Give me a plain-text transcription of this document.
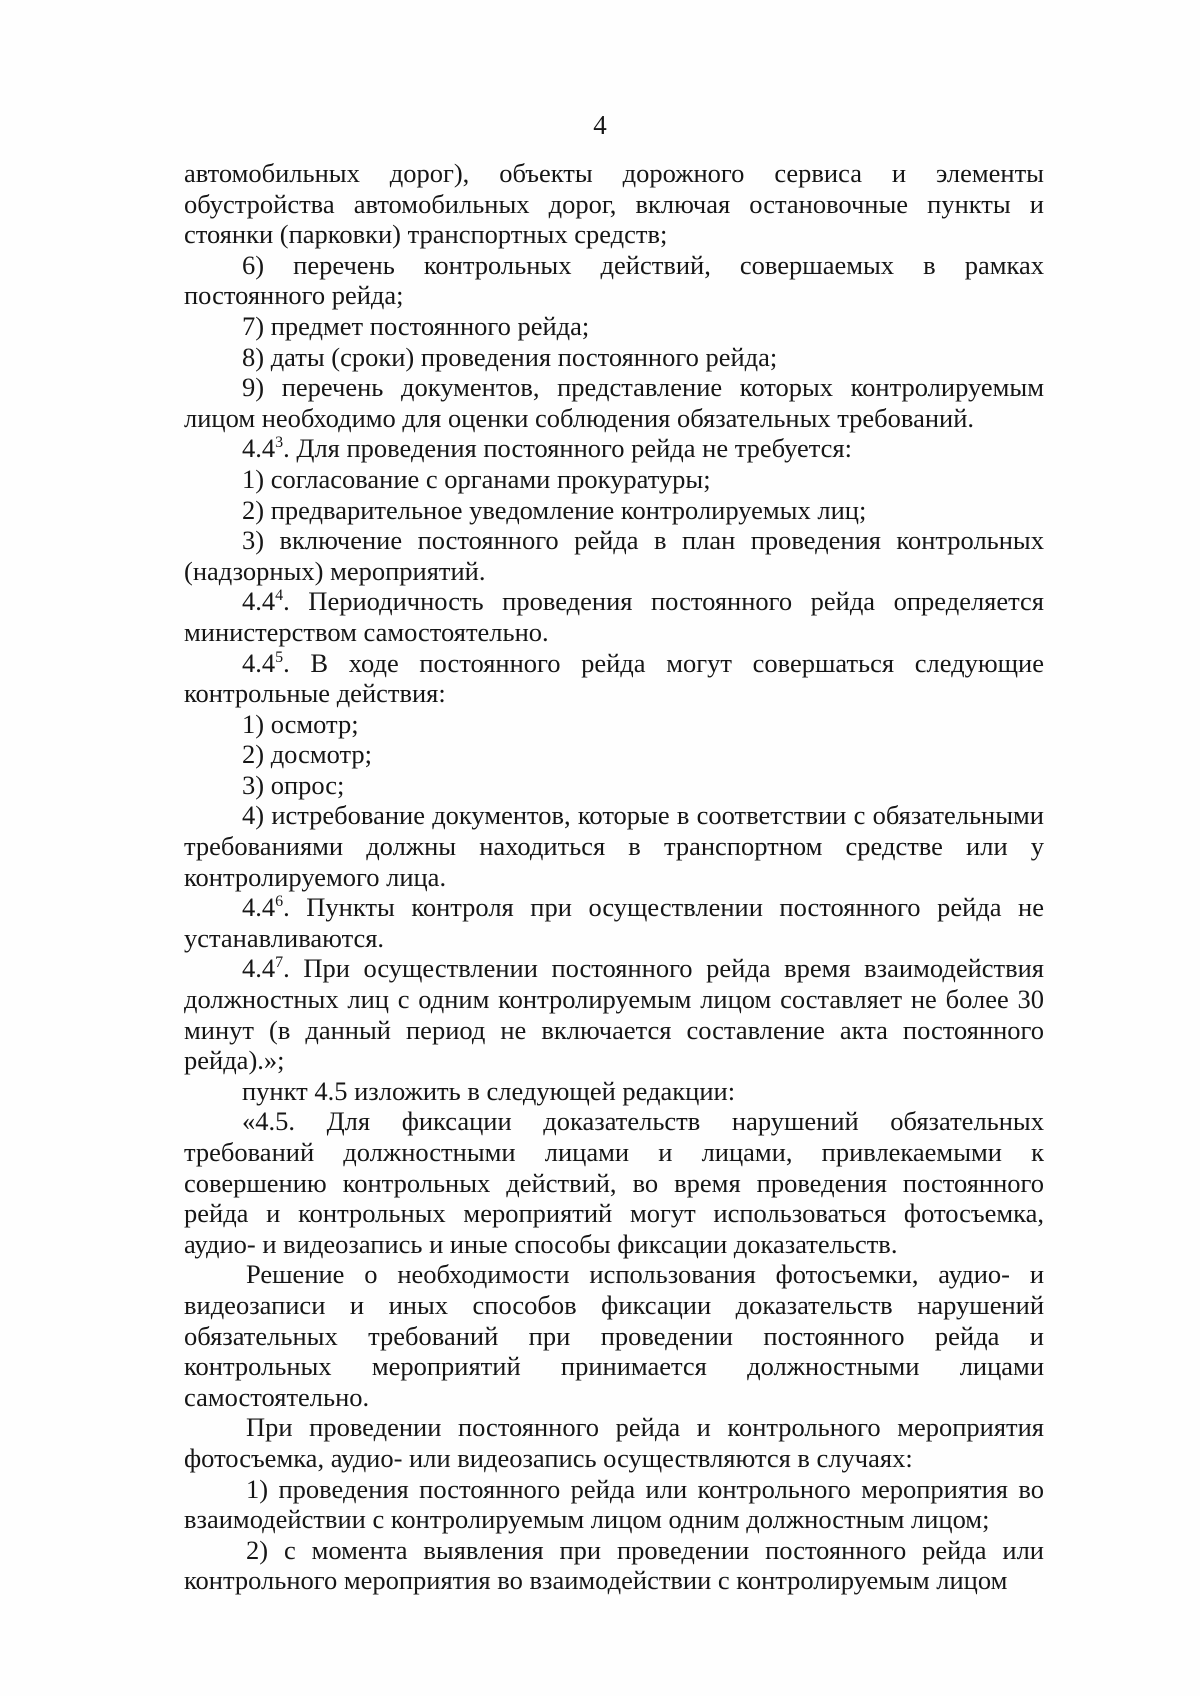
4

автомобильных дорог), объекты дорожного сервиса и элементы обустройства автомобильных дорог, включая остановочные пункты и стоянки (парковки) транспортных средств;

6) перечень контрольных действий, совершаемых в рамках постоянного рейда;

7) предмет постоянного рейда;

8) даты (сроки) проведения постоянного рейда;

9) перечень документов, представление которых контролируемым лицом необходимо для оценки соблюдения обязательных требований.

$4.4^3$. Для проведения постоянного рейда не требуется:

1) согласование с органами прокуратуры;

2) предварительное уведомление контролируемых лиц;

3) включение постоянного рейда в план проведения контрольных (надзорных) мероприятий.

$4.4^4$. Периодичность проведения постоянного рейда определяется министерством самостоятельно.

$4.4^5$. В ходе постоянного рейда могут совершаться следующие контрольные действия:

1) осмотр;

2) досмотр;

3) опрос;

4) истребование документов, которые в соответствии с обязательными требованиями должны находиться в транспортном средстве или у контролируемого лица.

$4.4^6$. Пункты контроля при осуществлении постоянного рейда не устанавливаются.

$4.4^7$. При осуществлении постоянного рейда время взаимодействия должностных лиц с одним контролируемым лицом составляет не более 30 минут (в данный период не включается составление акта постоянного рейда).»;

пункт 4.5 изложить в следующей редакции:

«4.5. Для фиксации доказательств нарушений обязательных требований должностными лицами и лицами, привлекаемыми к совершению контрольных действий, во время проведения постоянного рейда и контрольных мероприятий могут использоваться фотосъемка, аудио- и видеозапись и иные способы фиксации доказательств.

Решение о необходимости использования фотосъемки, аудио- и видеозаписи и иных способов фиксации доказательств нарушений обязательных требований при проведении постоянного рейда и контрольных мероприятий принимается должностными лицами самостоятельно.

При проведении постоянного рейда и контрольного мероприятия фотосъемка, аудио- или видеозапись осуществляются в случаях:

1) проведения постоянного рейда или контрольного мероприятия во взаимодействии с контролируемым лицом одним должностным лицом;

2) с момента выявления при проведении постоянного рейда или контрольного мероприятия во взаимодействии с контролируемым лицом
